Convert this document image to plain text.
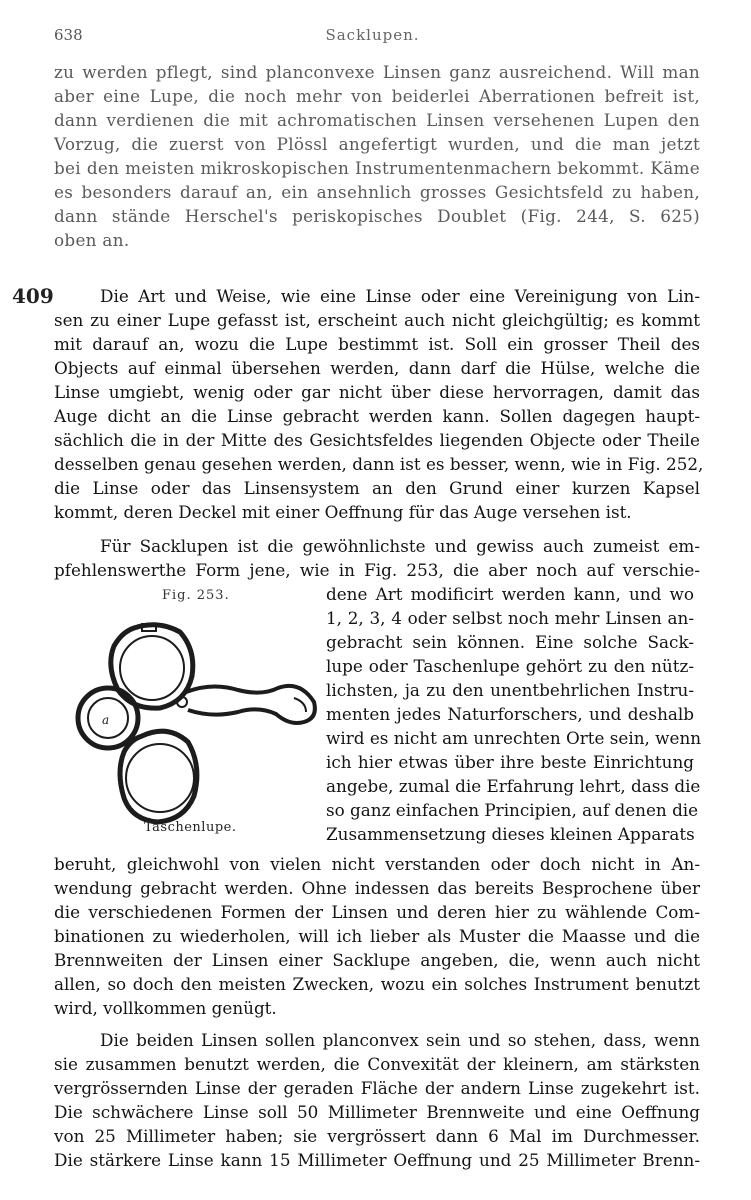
638	Sacklupen.
zu werden pflegt, sind planconvexe Linsen ganz ausreichend. Will man
aber eine Lupe, die noch mehr von beiderlei Aberrationen befreit ist,
dann verdienen die mit achromatischen Linsen versehenen Lupen den
Vorzug, die zuerst von Plössl angefertigt wurden, und die man jetzt
bei den meisten mikroskopischen Instrumentenmachern bekommt. Käme
es besonders darauf an, ein ansehnlich grosses Gesichtsfeld zu haben,
dann stände Herschel's periskopisches Doublet (Fig. 244, S. 625)
oben an.
409	Die Art und Weise, wie eine Linse oder eine Vereinigung von Lin-
sen zu einer Lupe gefasst ist, erscheint auch nicht gleichgültig; es kommt
mit darauf an, wozu die Lupe bestimmt ist. Soll ein grosser Theil des
Objects auf einmal übersehen werden, dann darf die Hülse, welche die
Linse umgiebt, wenig oder gar nicht über diese hervorragen, damit das
Auge dicht an die Linse gebracht werden kann. Sollen dagegen haupt-
sächlich die in der Mitte des Gesichtsfeldes liegenden Objecte oder Theile
desselben genau gesehen werden, dann ist es besser, wenn, wie in Fig. 252,
die Linse oder das Linsensystem an den Grund einer kurzen Kapsel
kommt, deren Deckel mit einer Oeffnung für das Auge versehen ist.
Für Sacklupen ist die gewöhnlichste und gewiss auch zumeist em-
pfehlenswerthe Form jene, wie in Fig. 253, die aber noch auf verschie-
Fig. 253.
a
Taschenlupe.
dene Art modificirt werden kann, und wo
1, 2, 3, 4 oder selbst noch mehr Linsen an-
gebracht sein können. Eine solche Sack-
lupe oder Taschenlupe gehört zu den nütz-
lichsten, ja zu den unentbehrlichen Instru-
menten jedes Naturforschers, und deshalb
wird es nicht am unrechten Orte sein, wenn
ich hier etwas über ihre beste Einrichtung
angebe, zumal die Erfahrung lehrt, dass die
so ganz einfachen Principien, auf denen die
Zusammensetzung dieses kleinen Apparats
beruht, gleichwohl von vielen nicht verstanden oder doch nicht in An-
wendung gebracht werden. Ohne indessen das bereits Besprochene über
die verschiedenen Formen der Linsen und deren hier zu wählende Com-
binationen zu wiederholen, will ich lieber als Muster die Maasse und die
Brennweiten der Linsen einer Sacklupe angeben, die, wenn auch nicht
allen, so doch den meisten Zwecken, wozu ein solches Instrument benutzt
wird, vollkommen genügt.
Die beiden Linsen sollen planconvex sein und so stehen, dass, wenn
sie zusammen benutzt werden, die Convexität der kleinern, am stärksten
vergrössernden Linse der geraden Fläche der andern Linse zugekehrt ist.
Die schwächere Linse soll 50 Millimeter Brennweite und eine Oeffnung
von 25 Millimeter haben; sie vergrössert dann 6 Mal im Durchmesser.
Die stärkere Linse kann 15 Millimeter Oeffnung und 25 Millimeter Brenn-
